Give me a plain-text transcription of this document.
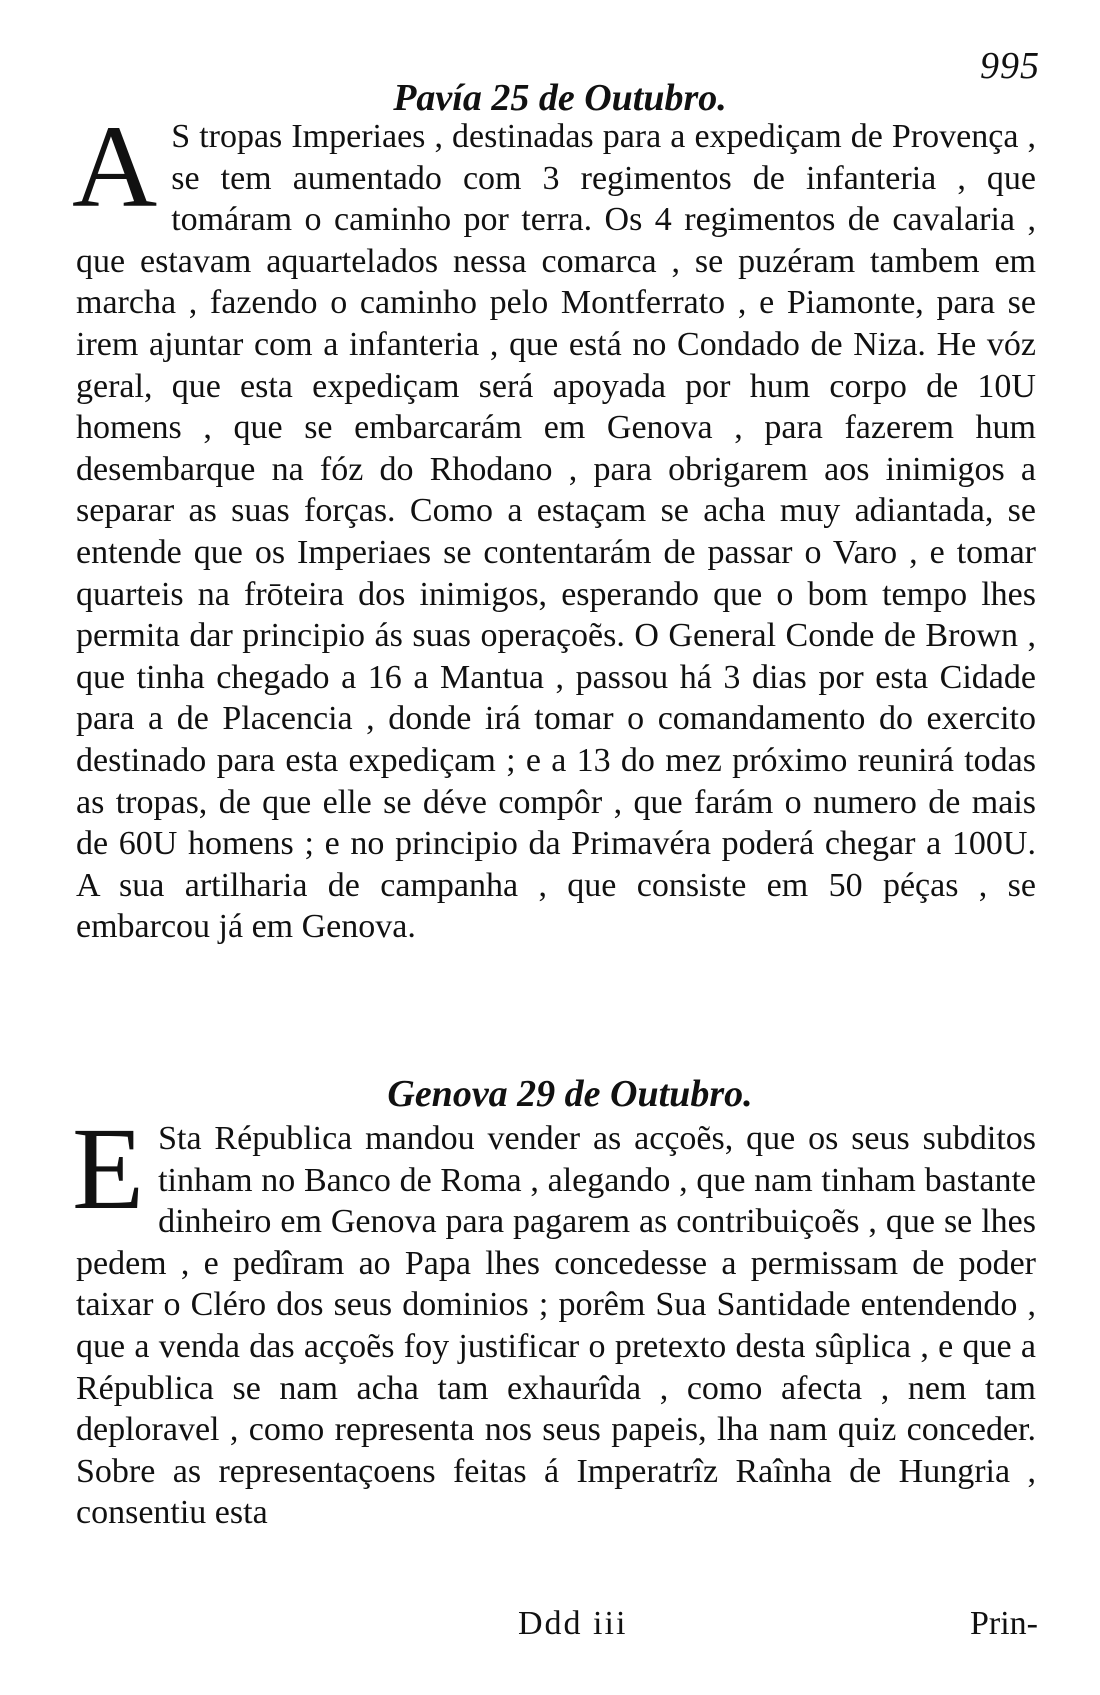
995
Pavía 25 de Outubro.

A S tropas Imperiaes , destinadas para a expediçam de Provença , se tem aumentado com 3 regimentos de infanteria , que tomáram o caminho por terra. Os 4 regimentos de cavalaria , que estavam aquartelados nessa comarca , se puzéram tambem em marcha , fazendo o caminho pelo Montferrato , e Piamonte, para se irem ajuntar com a infanteria , que está no Condado de Niza. He vóz geral, que esta expediçam será apoyada por hum corpo de 10U homens , que se embarcarám em Genova , para fazerem hum desembarque na fóz do Rhodano , para obrigarem aos inimigos a separar as suas forças. Como a estaçam se acha muy adiantada, se entende que os Imperiaes se contentarám de passar o Varo , e tomar quarteis na frōteira dos inimigos, esperando que o bom tempo lhes permita dar principio ás suas operaçoẽs. O General Conde de Brown , que tinha chegado a 16 a Mantua , passou há 3 dias por esta Cidade para a de Placencia , donde irá tomar o comandamento do exercito destinado para esta expediçam ; e a 13 do mez próximo reunirá todas as tropas, de que elle se déve compôr , que farám o numero de mais de 60U homens ; e no principio da Primavéra poderá chegar a 100U. A sua artilharia de campanha , que consiste em 50 péças , se embarcou já em Genova.

Genova 29 de Outubro.

E Sta Républica mandou vender as acçoẽs, que os seus subditos tinham no Banco de Roma , alegando , que nam tinham bastante dinheiro em Genova para pagarem as contribuiçoẽs , que se lhes pedem , e pedîram ao Papa lhes concedesse a permissam de poder taixar o Cléro dos seus dominios ; porêm Sua Santidade entendendo , que a venda das acçoẽs foy justificar o pretexto desta sûplica , e que a Républica se nam acha tam exhaurîda , como afecta , nem tam deploravel , como representa nos seus papeis, lha nam quiz conceder. Sobre as representaçoens feitas á Imperatrîz Raînha de Hungria , consentiu esta

Ddd iii	Prin-
